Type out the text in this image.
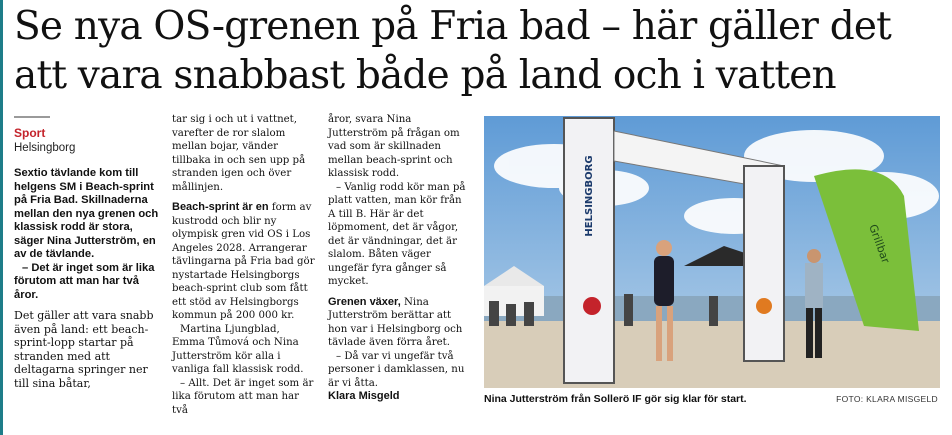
Se nya OS-grenen på Fria bad – här gäller det att vara snabbast både på land och i vatten
Sport
Helsingborg

Sextio tävlande kom till helgens SM i Beach-sprint på Fria Bad. Skillnaderna mellan den nya grenen och klassisk rodd är stora, säger Nina Jutterström, en av de tävlande.

– Det är inget som är lika förutom att man har två åror.

Det gäller att vara snabb även på land: ett beach-sprint-lopp startar på stranden med att deltagarna springer ner till sina båtar,

tar sig i och ut i vattnet, varefter de ror slalom mellan bojar, vänder tillbaka in och sen upp på stranden igen och över mållinjen.

Beach-sprint är en form av kustrodd och blir ny olympisk gren vid OS i Los Angeles 2028. Arrangerar tävlingarna på Fria bad gör nystartade Helsingborgs beach-sprint club som fått ett stöd av Helsingborgs kommun på 200 000 kr.

Martina Ljungblad, Emma Tůmová och Nina Jutterström kör alla i vanliga fall klassisk rodd.

– Allt. Det är inget som är lika förutom att man har två

åror, svara Nina Jutterström på frågan om vad som är skillnaden mellan beach-sprint och klassisk rodd.

– Vanlig rodd kör man på platt vatten, man kör från A till B. Här är det löpmoment, det är vågor, det är vändningar, det är slalom. Båten väger ungefär fyra gånger så mycket.

Grenen växer, Nina Jutterström berättar att hon var i Helsingborg och tävlade även förra året.

– Då var vi ungefär två personer i damklassen, nu är vi åtta.

Klara Misgeld

HELSINGBORG
Grillbar
Nina Jutterström från Sollerö IF gör sig klar för start.	FOTO: KLARA MISGELD
